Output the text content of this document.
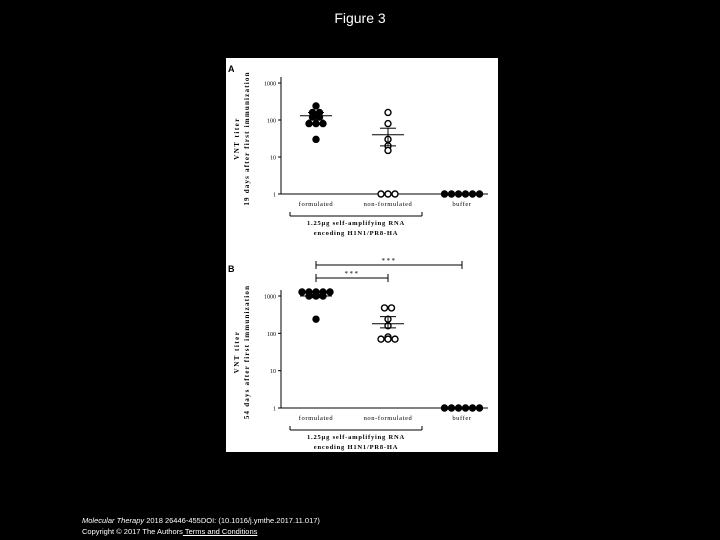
Figure 3
A
1
10
100
1000
VNT titer 19 days after first immunization	formulated	non-formulated	buffer
1.25µg self-amplifying RNA
encoding H1N1/PR8-HA
B
1
10
100
1000
VNT titer 54 days after first immunization	formulated	non-formulated	buffer
1.25µg self-amplifying RNA
encoding H1N1/PR8-HA
***
***
Molecular Therapy 2018 26446-455DOI: (10.1016/j.ymthe.2017.11.017)
Copyright © 2017 The Authors Terms and Conditions
